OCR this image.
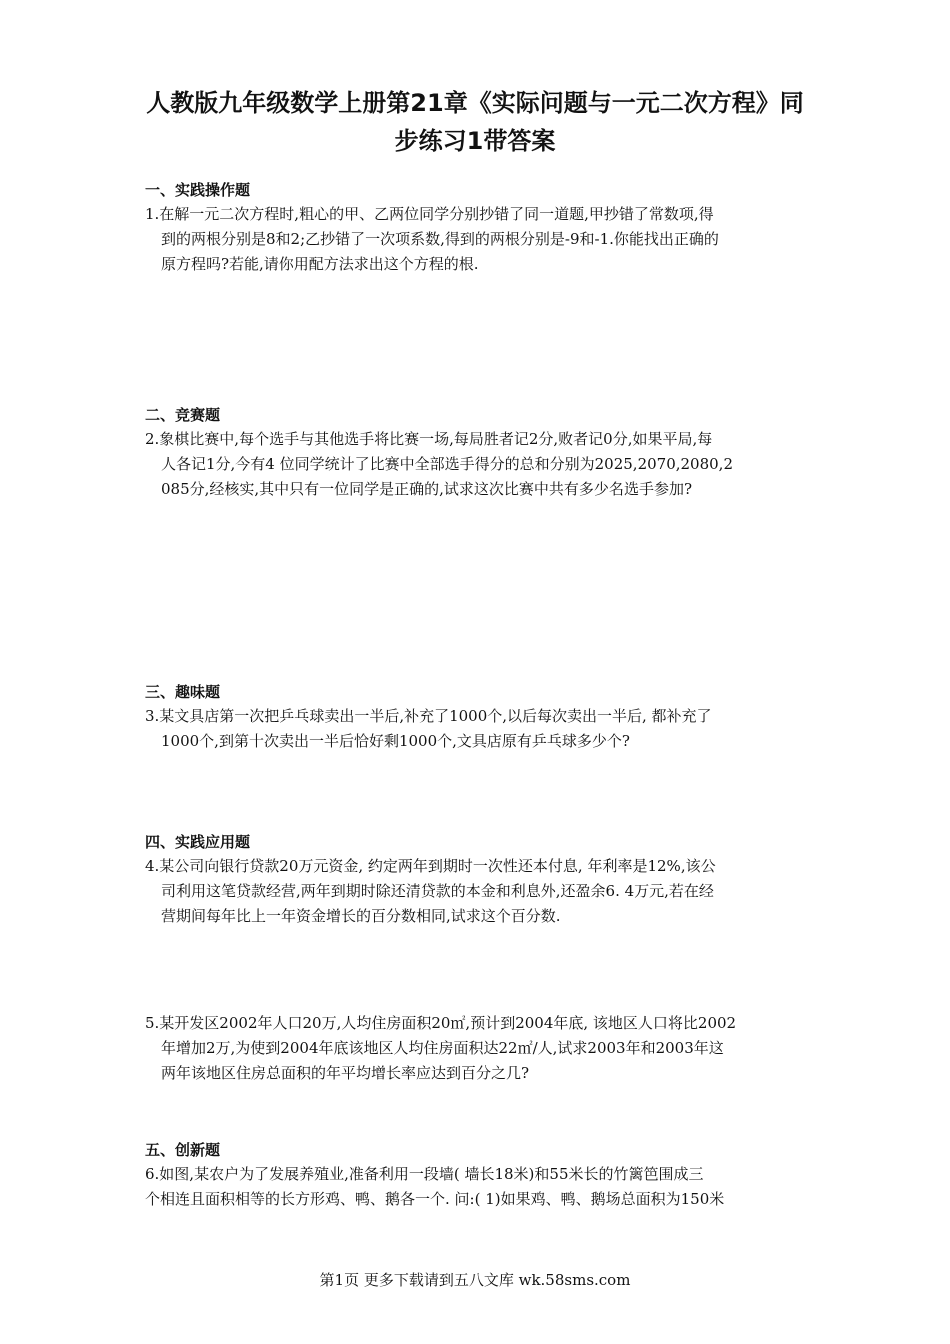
人教版九年级数学上册第21章《实际问题与一元二次方程》同
步练习1带答案
一、实践操作题

1.在解一元二次方程时,粗心的甲、乙两位同学分别抄错了同一道题,甲抄错了常数项,得
到的两根分别是8和2;乙抄错了一次项系数,得到的两根分别是-9和-1.你能找出正确的
原方程吗?若能,请你用配方法求出这个方程的根.

二、竞赛题

2.象棋比赛中,每个选手与其他选手将比赛一场,每局胜者记2分,败者记0分,如果平局,每
人各记1分,今有4 位同学统计了比赛中全部选手得分的总和分别为2025,2070,2080,2
085分,经核实,其中只有一位同学是正确的,试求这次比赛中共有多少名选手参加?

三、趣味题

3.某文具店第一次把乒乓球卖出一半后,补充了1000个,以后每次卖出一半后, 都补充了
1000个,到第十次卖出一半后恰好剩1000个,文具店原有乒乓球多少个?

四、实践应用题

4.某公司向银行贷款20万元资金, 约定两年到期时一次性还本付息, 年利率是12%,该公
司利用这笔贷款经营,两年到期时除还清贷款的本金和利息外,还盈余6. 4万元,若在经
营期间每年比上一年资金增长的百分数相同,试求这个百分数.

5.某开发区2002年人口20万,人均住房面积20㎡,预计到2004年底, 该地区人口将比2002
年增加2万,为使到2004年底该地区人均住房面积达22㎡/人,试求2003年和2003年这
两年该地区住房总面积的年平均增长率应达到百分之几?

五、创新题

6.如图,某农户为了发展养殖业,准备利用一段墙( 墙长18米)和55米长的竹篱笆围成三
个相连且面积相等的长方形鸡、鸭、鹅各一个. 问:( 1)如果鸡、鸭、鹅场总面积为150米

第1页 更多下载请到五八文库 wk.58sms.com
